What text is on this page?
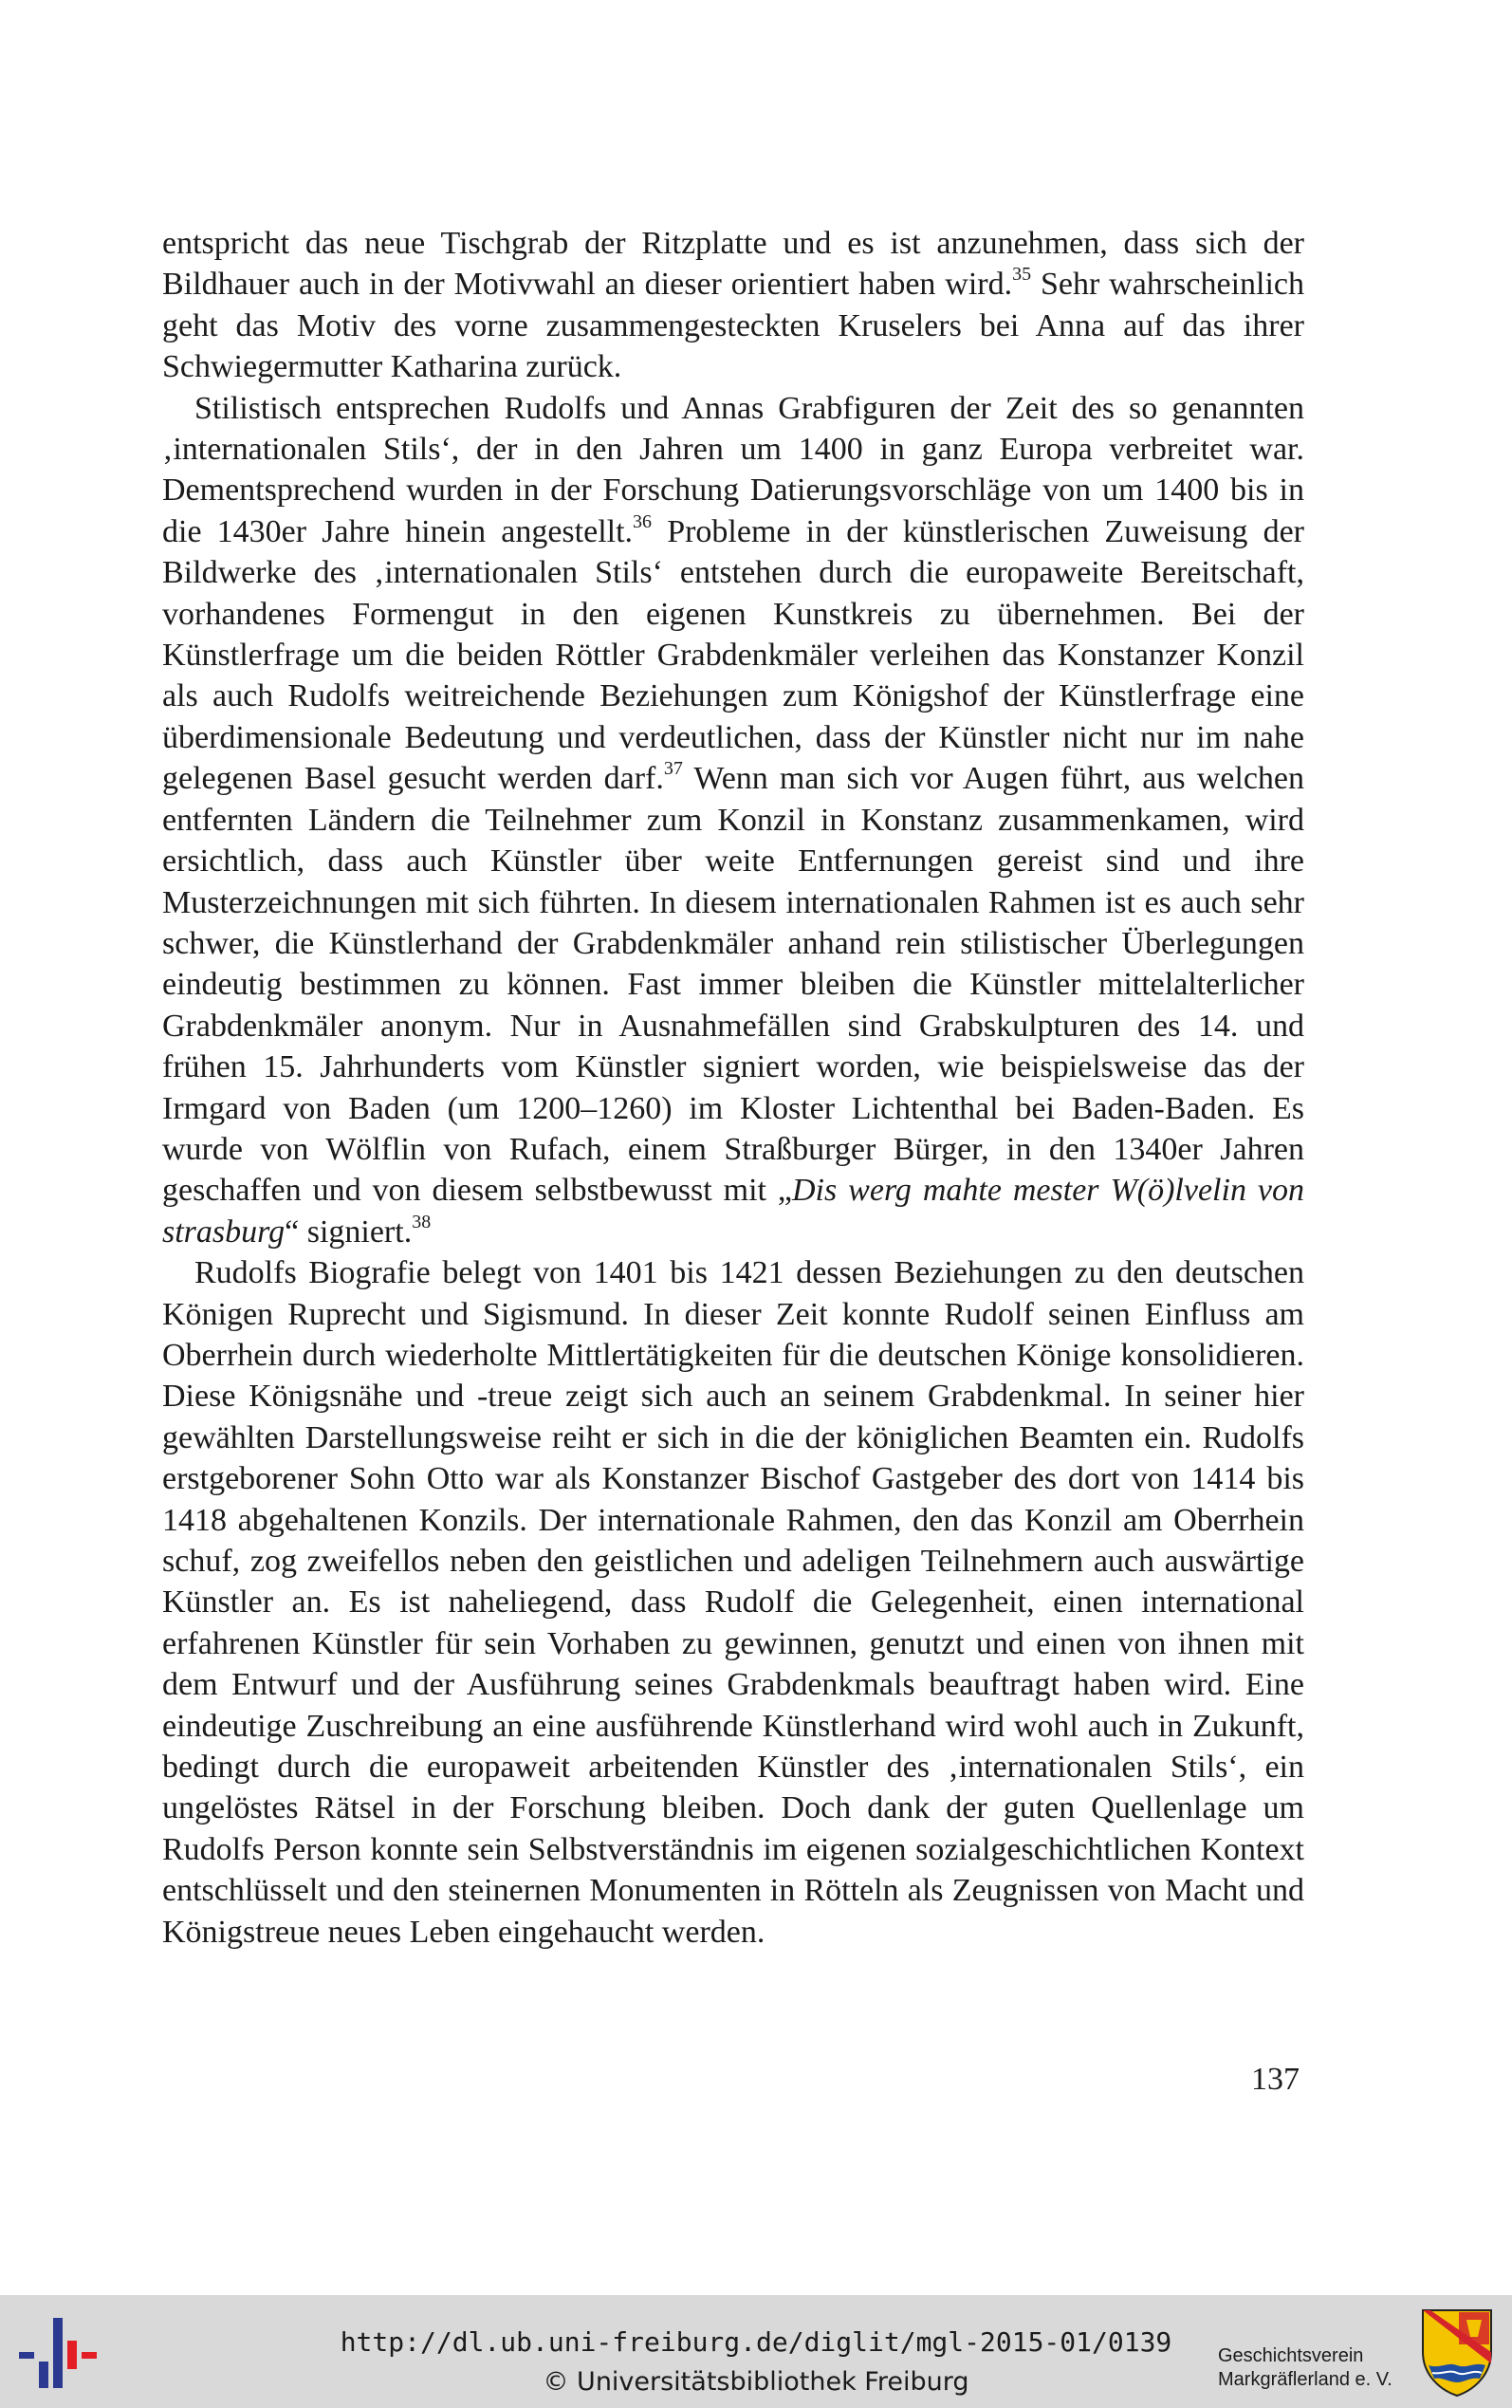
entspricht das neue Tischgrab der Ritzplatte und es ist anzunehmen, dass sich der Bildhauer auch in der Motivwahl an dieser orientiert haben wird.$^{35}$ Sehr wahrscheinlich geht das Motiv des vorne zusammengesteckten Kruselers bei Anna auf das ihrer Schwiegermutter Katharina zurück.

Stilistisch entsprechen Rudolfs und Annas Grabfiguren der Zeit des so genannten ‚internationalen Stils‘, der in den Jahren um 1400 in ganz Europa verbreitet war. Dementsprechend wurden in der Forschung Datierungsvorschläge von um 1400 bis in die 1430er Jahre hinein angestellt.$^{36}$ Probleme in der künstlerischen Zuweisung der Bildwerke des ‚internationalen Stils‘ entstehen durch die europaweite Bereitschaft, vorhandenes Formengut in den eigenen Kunstkreis zu übernehmen. Bei der Künstlerfrage um die beiden Röttler Grabdenkmäler verleihen das Konstanzer Konzil als auch Rudolfs weitreichende Beziehungen zum Königshof der Künstlerfrage eine überdimensionale Bedeutung und verdeutlichen, dass der Künstler nicht nur im nahe gelegenen Basel gesucht werden darf.$^{37}$ Wenn man sich vor Augen führt, aus welchen entfernten Ländern die Teilnehmer zum Konzil in Konstanz zusammenkamen, wird ersichtlich, dass auch Künstler über weite Entfernungen gereist sind und ihre Musterzeichnungen mit sich führten. In diesem internationalen Rahmen ist es auch sehr schwer, die Künstlerhand der Grabdenkmäler anhand rein stilistischer Überlegungen eindeutig bestimmen zu können. Fast immer bleiben die Künstler mittelalterlicher Grabdenkmäler anonym. Nur in Ausnahmefällen sind Grabskulpturen des 14. und frühen 15. Jahrhunderts vom Künstler signiert worden, wie beispielsweise das der Irmgard von Baden (um 1200–1260) im Kloster Lichtenthal bei Baden-Baden. Es wurde von Wölflin von Rufach, einem Straßburger Bürger, in den 1340er Jahren geschaffen und von diesem selbstbewusst mit „Dis werg mahte mester W(ö)lvelin von strasburg“ signiert.$^{38}$

Rudolfs Biografie belegt von 1401 bis 1421 dessen Beziehungen zu den deutschen Königen Ruprecht und Sigismund. In dieser Zeit konnte Rudolf seinen Einfluss am Oberrhein durch wiederholte Mittlertätigkeiten für die deutschen Könige konsolidieren. Diese Königsnähe und -treue zeigt sich auch an seinem Grabdenkmal. In seiner hier gewählten Darstellungsweise reiht er sich in die der königlichen Beamten ein. Rudolfs erstgeborener Sohn Otto war als Konstanzer Bischof Gastgeber des dort von 1414 bis 1418 abgehaltenen Konzils. Der internationale Rahmen, den das Konzil am Oberrhein schuf, zog zweifellos neben den geistlichen und adeligen Teilnehmern auch auswärtige Künstler an. Es ist naheliegend, dass Rudolf die Gelegenheit, einen international erfahrenen Künstler für sein Vorhaben zu gewinnen, genutzt und einen von ihnen mit dem Entwurf und der Ausführung seines Grabdenkmals beauftragt haben wird. Eine eindeutige Zuschreibung an eine ausführende Künstlerhand wird wohl auch in Zukunft, bedingt durch die europaweit arbeitenden Künstler des ‚internationalen Stils‘, ein ungelöstes Rätsel in der Forschung bleiben. Doch dank der guten Quellenlage um Rudolfs Person konnte sein Selbstverständnis im eigenen sozialgeschichtlichen Kontext entschlüsselt und den steinernen Monumenten in Rötteln als Zeugnissen von Macht und Königstreue neues Leben eingehaucht werden.

137
http://dl.ub.uni-freiburg.de/diglit/mgl-2015-01/0139
© Universitätsbibliothek Freiburg
Geschichtsverein
Markgräflerland e. V.
